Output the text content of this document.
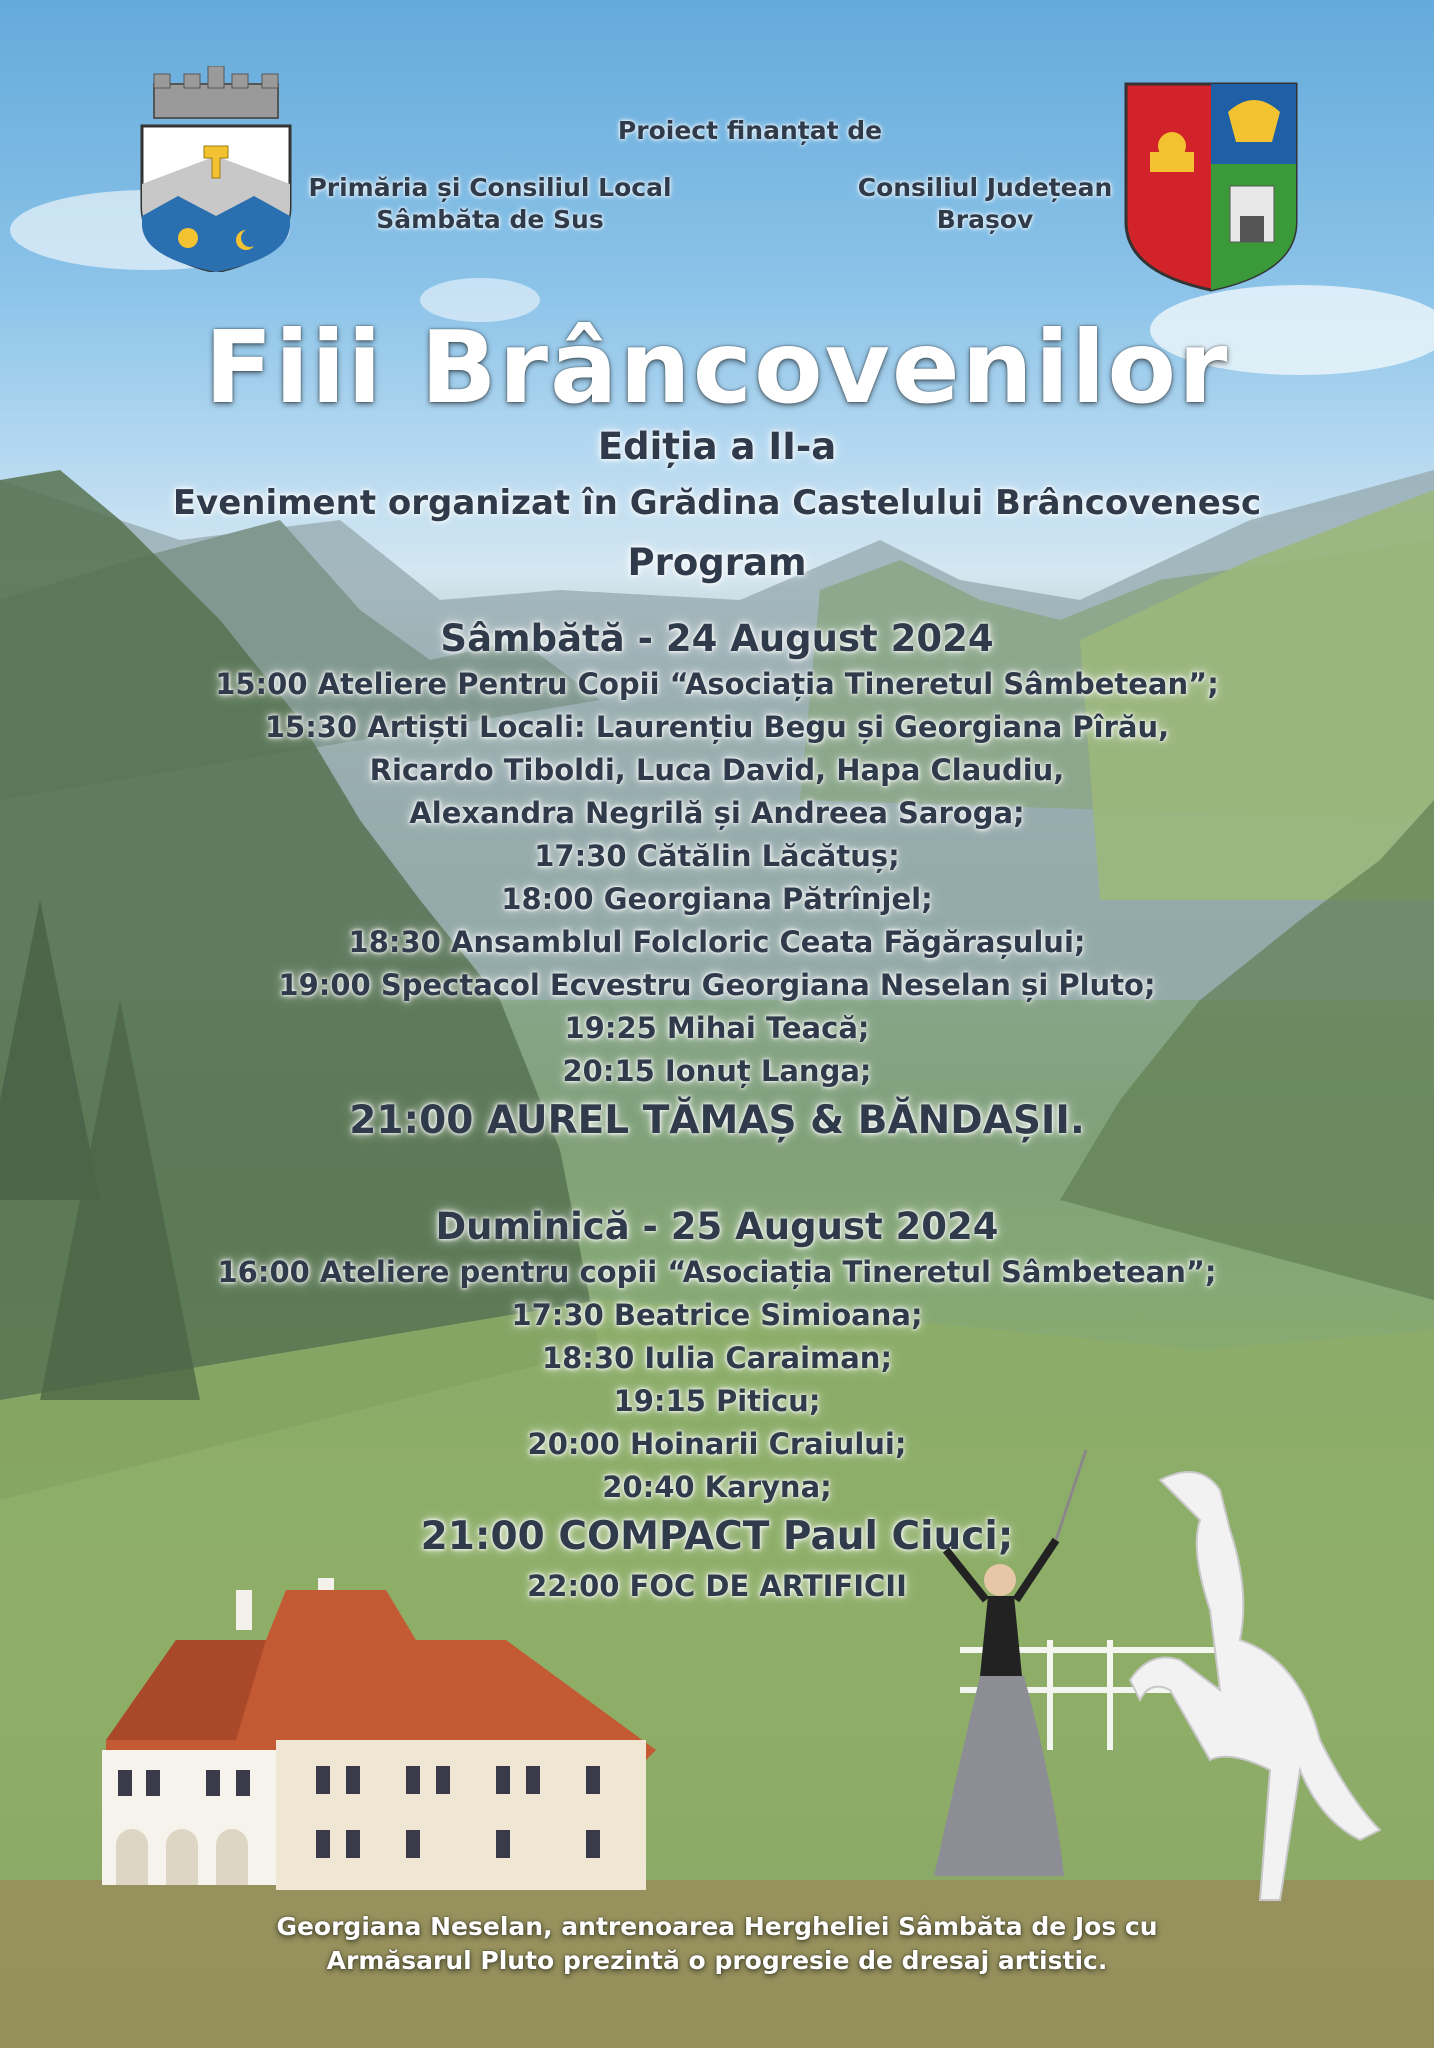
Proiect finanțat de
Primăria și Consiliul Local
Sâmbăta de Sus
Consiliul Județean
Brașov
Fiii Brâncovenilor
Ediția a II-a
Eveniment organizat în Grădina Castelului Brâncovenesc
Program
Sâmbătă - 24 August 2024
15:00 Ateliere Pentru Copii “Asociația Tineretul Sâmbetean”;
15:30 Artiști Locali: Laurențiu Begu și Georgiana Pîrău,
Ricardo Tiboldi, Luca David, Hapa Claudiu,
Alexandra Negrilă și Andreea Saroga;
17:30 Cătălin Lăcătuș;
18:00 Georgiana Pătrînjel;
18:30 Ansamblul Folcloric Ceata Făgărașului;
19:00 Spectacol Ecvestru Georgiana Neselan și Pluto;
19:25 Mihai Teacă;
20:15 Ionuț Langa;
21:00 AUREL TĂMAȘ & BĂNDAȘII.
Duminică - 25 August 2024
16:00 Ateliere pentru copii “Asociația Tineretul Sâmbetean”;
17:30 Beatrice Simioana;
18:30 Iulia Caraiman;
19:15 Piticu;
20:00 Hoinarii Craiului;
20:40 Karyna;
21:00 COMPACT Paul Ciuci;
22:00 FOC DE ARTIFICII
Georgiana Neselan, antrenoarea Hergheliei Sâmbăta de Jos cu
Armăsarul Pluto prezintă o progresie de dresaj artistic.
